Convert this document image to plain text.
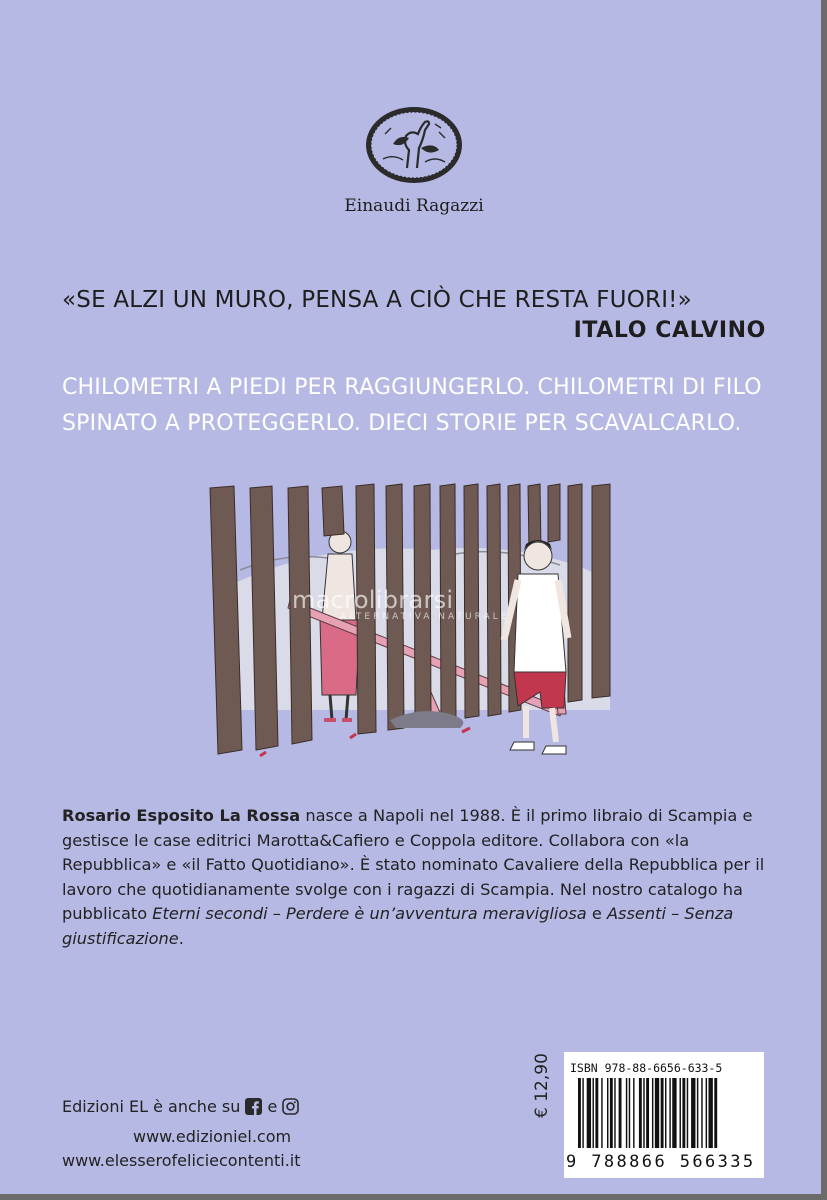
Einaudi Ragazzi
«SE ALZI UN MURO, PENSA A CIÒ CHE RESTA FUORI!»
ITALO CALVINO
CHILOMETRI A PIEDI PER RAGGIUNGERLO. CHILOMETRI DI FILO
SPINATO A PROTEGGERLO. DIECI STORIE PER SCAVALCARLO.
macrolibrarsi
ALTERNATIVA NATURALE
Rosario Esposito La Rossa nasce a Napoli nel 1988. È il primo libraio di Scampia e gestisce le case editrici Marotta&Cafiero e Coppola editore. Collabora con «la Repubblica» e «il Fatto Quotidiano». È stato nominato Cavaliere della Repubblica per il lavoro che quotidianamente svolge con i ragazzi di Scampia. Nel nostro catalogo ha pubblicato Eterni secondi – Perdere è un’avventura meravigliosa e Assenti – Senza giustificazione.
Edizioni EL è anche su e
www.edizioniel.com
www.elesserofeliciecontenti.it
€ 12,90 ISBN 978-88-6656-633-5
9 788866 566335
